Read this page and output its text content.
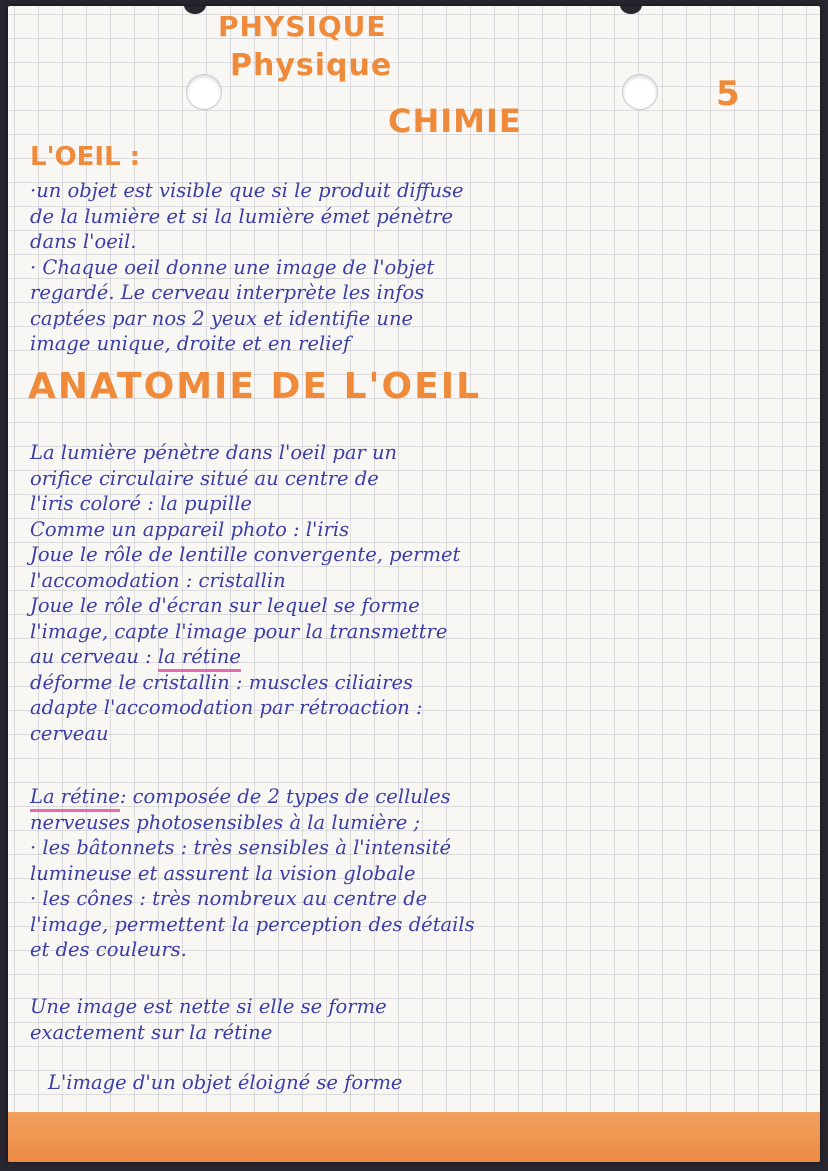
PHYSIQUE
Physique
CHIMIE
5
L'OEIL :

·un objet est visible que si le produit diffuse

de la lumière et si la lumière émet pénètre

dans l'oeil.

· Chaque oeil donne une image de l'objet

regardé. Le cerveau interprète les infos

captées par nos 2 yeux et identifie une

image unique, droite et en relief

ANATOMIE DE L'OEIL

La lumière pénètre dans l'oeil par un

orifice circulaire situé au centre de

l'iris coloré : la pupille

Comme un appareil photo : l'iris

Joue le rôle de lentille convergente, permet

l'accomodation : cristallin

Joue le rôle d'écran sur lequel se forme

l'image, capte l'image pour la transmettre

au cerveau : la rétine

déforme le cristallin : muscles ciliaires

adapte l'accomodation par rétroaction :

cerveau

La rétine: composée de 2 types de cellules

nerveuses photosensibles à la lumière ;

· les bâtonnets : très sensibles à l'intensité

lumineuse et assurent la vision globale

· les cônes : très nombreux au centre de

l'image, permettent la perception des détails

et des couleurs.

Une image est nette si elle se forme

exactement sur la rétine

L'image d'un objet éloigné se forme
